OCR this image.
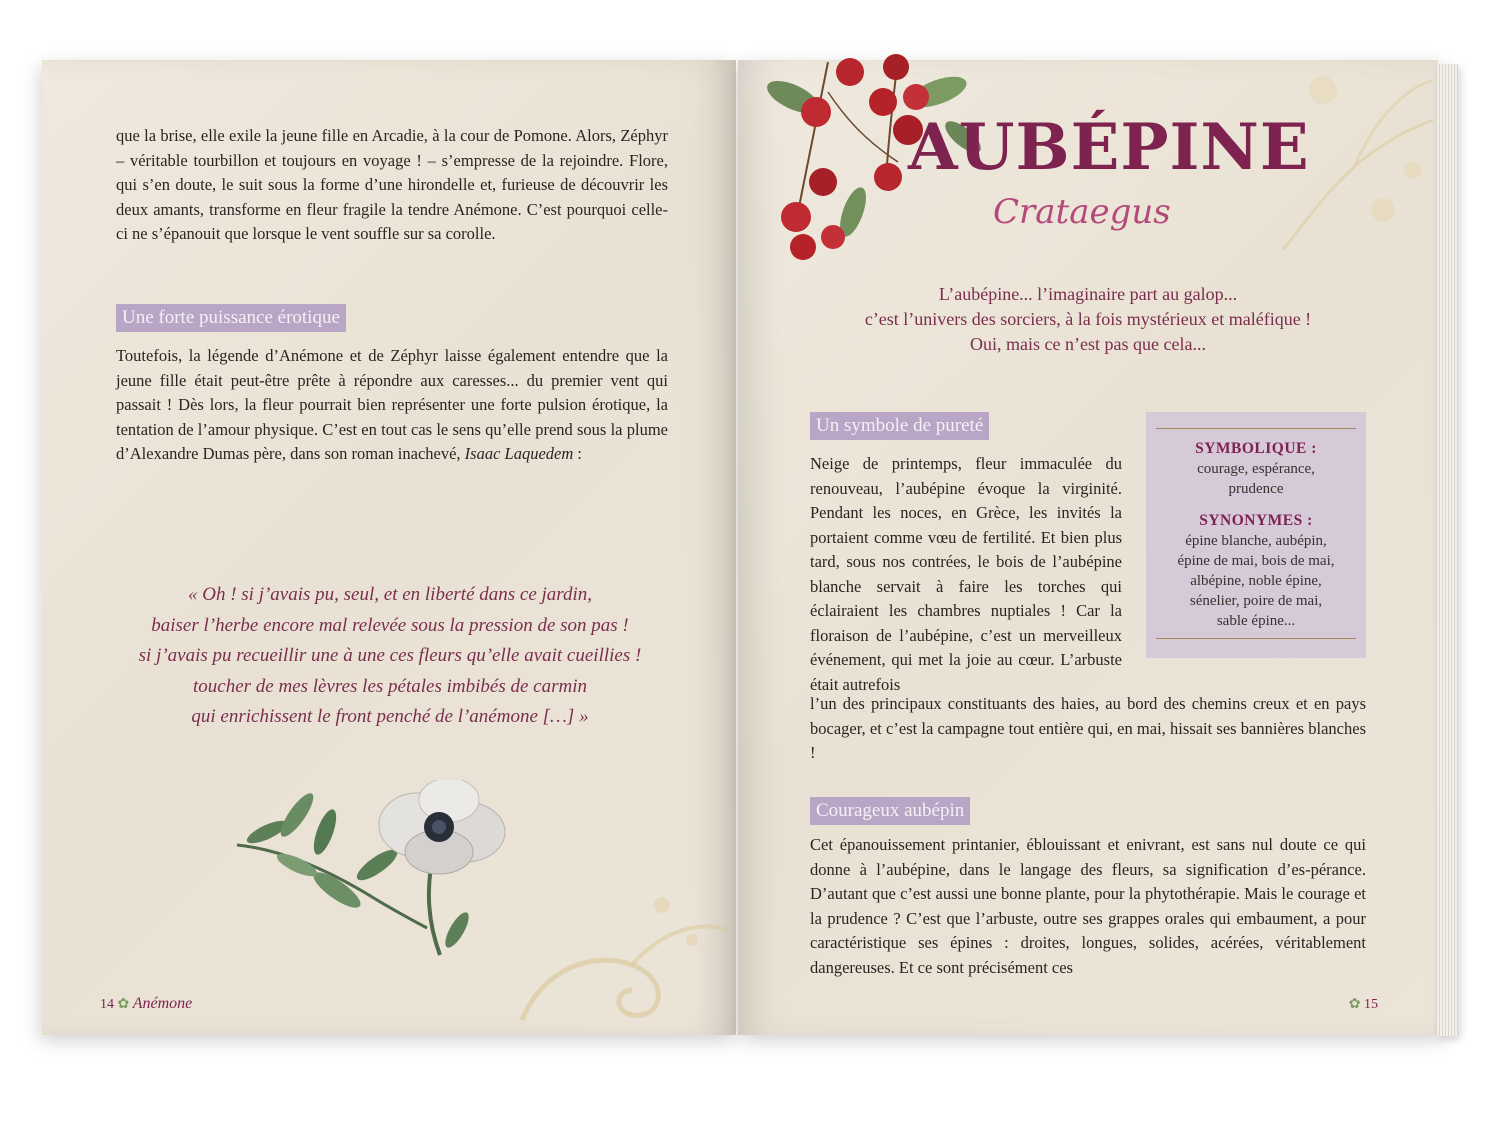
que la brise, elle exile la jeune fille en Arcadie, à la cour de Pomone. Alors, Zéphyr – véritable tourbillon et toujours en voyage ! – s’empresse de la rejoindre. Flore, qui s’en doute, le suit sous la forme d’une hirondelle et, furieuse de découvrir les deux amants, transforme en fleur fragile la tendre Anémone. C’est pourquoi celle-ci ne s’épanouit que lorsque le vent souffle sur sa corolle.

Une forte puissance érotique

Toutefois, la légende d’Anémone et de Zéphyr laisse également entendre que la jeune fille était peut-être prête à répondre aux caresses... du premier vent qui passait ! Dès lors, la fleur pourrait bien représenter une forte pulsion érotique, la tentation de l’amour physique. C’est en tout cas le sens qu’elle prend sous la plume d’Alexandre Dumas père, dans son roman inachevé, Isaac Laquedem :

« Oh ! si j’avais pu, seul, et en liberté dans ce jardin,
baiser l’herbe encore mal relevée sous la pression de son pas !
si j’avais pu recueillir une à une ces fleurs qu’elle avait cueillies !
toucher de mes lèvres les pétales imbibés de carmin
qui enrichissent le front penché de l’anémone […] »
14 ✿ Anémone
AUBÉPINE
Crataegus
L’aubépine... l’imaginaire part au galop...
c’est l’univers des sorciers, à la fois mystérieux et maléfique !
Oui, mais ce n’est pas que cela...
Un symbole de pureté

Neige de printemps, fleur immaculée du renouveau, l’aubépine évoque la virginité. Pendant les noces, en Grèce, les invités la portaient comme vœu de fertilité. Et bien plus tard, sous nos contrées, le bois de l’aubépine blanche servait à faire les torches qui éclairaient les chambres nuptiales ! Car la floraison de l’aubépine, c’est un merveilleux événement, qui met la joie au cœur. L’arbuste était autrefois

l’un des principaux constituants des haies, au bord des chemins creux et en pays bocager, et c’est la campagne tout entière qui, en mai, hissait ses bannières blanches !

SYMBOLIQUE :
courage, espérance,
prudence
SYNONYMES :
épine blanche, aubépin,
épine de mai, bois de mai,
albépine, noble épine,
sénelier, poire de mai,
sable épine...
Courageux aubépin

Cet épanouissement printanier, éblouissant et enivrant, est sans nul doute ce qui donne à l’aubépine, dans le langage des fleurs, sa signification d’es-pérance. D’autant que c’est aussi une bonne plante, pour la phytothérapie. Mais le courage et la prudence ? C’est que l’arbuste, outre ses grappes orales qui embaument, a pour caractéristique ses épines : droites, longues, solides, acérées, véritablement dangereuses. Et ce sont précisément ces

✿ 15
